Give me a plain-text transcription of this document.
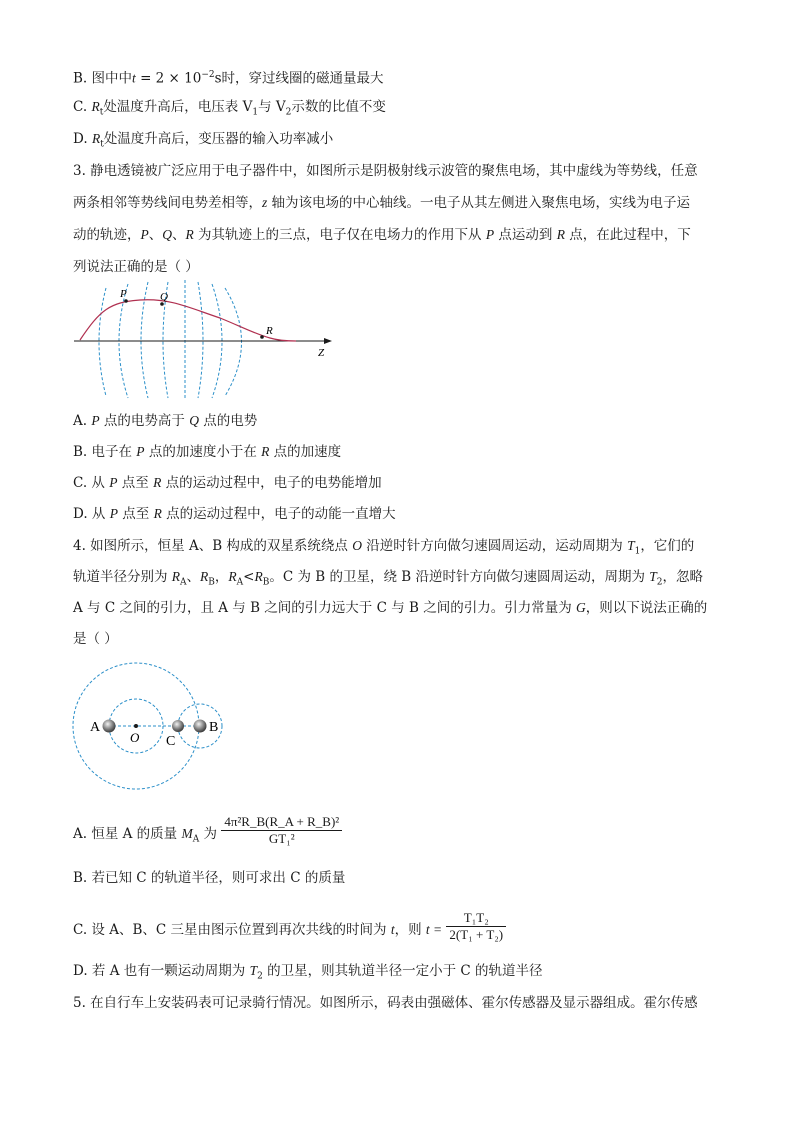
B. 图中中$t = 2 \times 10^{-2}s$时，穿过线圈的磁通量最大
C. $R_t$处温度升高后，电压表 $V_1$与 $V_2$示数的比值不变
D. $R_t$处温度升高后，变压器的输入功率减小
3. 静电透镜被广泛应用于电子器件中，如图所示是阴极射线示波管的聚焦电场，其中虚线为等势线，任意
两条相邻等势线间电势差相等，z 轴为该电场的中心轴线。一电子从其左侧进入聚焦电场，实线为电子运
动的轨迹，P、Q、R 为其轨迹上的三点，电子仅在电场力的作用下从 P 点运动到 R 点，在此过程中，下
列说法正确的是（ ）
P	Q
R
Z
A. P 点的电势高于 Q 点的电势
B. 电子在 P 点的加速度小于在 R 点的加速度
C. 从 P 点至 R 点的运动过程中，电子的电势能增加
D. 从 P 点至 R 点的运动过程中，电子的动能一直增大
4. 如图所示，恒星 A、B 构成的双星系统绕点 O 沿逆时针方向做匀速圆周运动，运动周期为 $T_1$，它们的
轨道半径分别为 $R_A$、$R_B$，$R_A<R_B$。C 为 B 的卫星，绕 B 沿逆时针方向做匀速圆周运动，周期为 $T_2$，忽略
A 与 C 之间的引力，且 A 与 B 之间的引力远大于 C 与 B 之间的引力。引力常量为 G，则以下说法正确的
是（ ）
A
O C
B
A. 恒星 A 的质量 $M_A$ 为 $\frac{\text{4π²R\_B(R\_A + R\_B)²}}{\text{GT₁²}}$
B. 若已知 C 的轨道半径，则可求出 C 的质量
C. 设 A、B、C 三星由图示位置到再次共线的时间为 t，则 $t = \frac{\text{T₁T₂}}{\text{2(T₁ + T₂)}}$
D. 若 A 也有一颗运动周期为 $T_2$ 的卫星，则其轨道半径一定小于 C 的轨道半径
5. 在自行车上安装码表可记录骑行情况。如图所示，码表由强磁体、霍尔传感器及显示器组成。霍尔传感
